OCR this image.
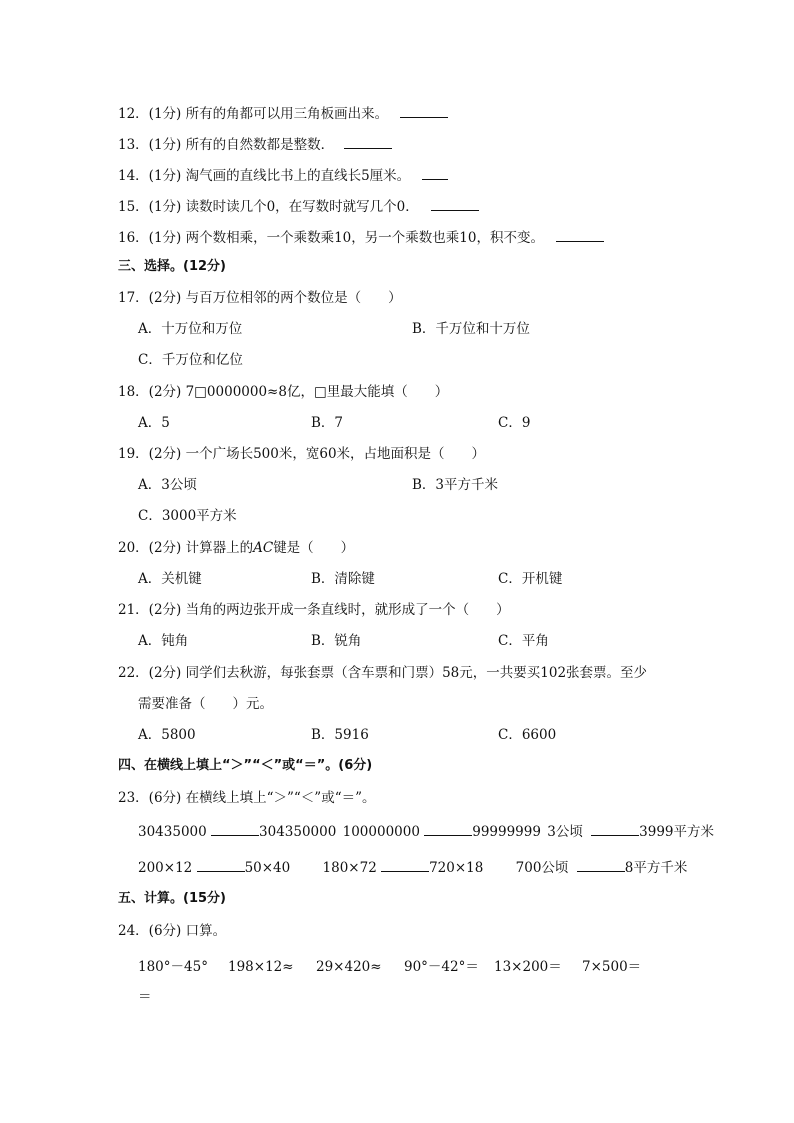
12．(1分) 所有的角都可以用三角板画出来。
13．(1分) 所有的自然数都是整数．
14．(1分) 淘气画的直线比书上的直线长5厘米。
15．(1分) 读数时读几个0，在写数时就写几个0．
16．(1分) 两个数相乘，一个乘数乘10，另一个乘数也乘10，积不变。
三、选择。(12分)
17．(2分) 与百万位相邻的两个数位是（　　）
A．十万位和万位	B．千万位和十万位
C．千万位和亿位
18．(2分) 7□0000000≈8亿，□里最大能填（　　）
A．5	B．7	C．9
19．(2分) 一个广场长500米，宽60米，占地面积是（　　）
A．3公顷	B．3平方千米
C．3000平方米
20．(2分) 计算器上的AC键是（　　）
A．关机键	B．清除键	C．开机键
21．(2分) 当角的两边张开成一条直线时，就形成了一个（　　）
A．钝角	B．锐角	C．平角
22．(2分) 同学们去秋游，每张套票（含车票和门票）58元，一共要买102张套票。至少
需要准备（　　）元。
A．5800	B．5916	C．6600
四、在横线上填上“＞”“＜”或“＝”。(6分)
23．(6分) 在横线上填上“＞”“＜”或“＝”。
30435000	304350000 100000000	99999999 3公顷	3999平方米
200×12	50×40 180×72	720×18 700公顷	8平方千米
五、计算。(15分)
24．(6分) 口算。
180°－45° 198×12≈ 29×420≈ 90°－42°＝ 13×200＝ 7×500＝
＝
